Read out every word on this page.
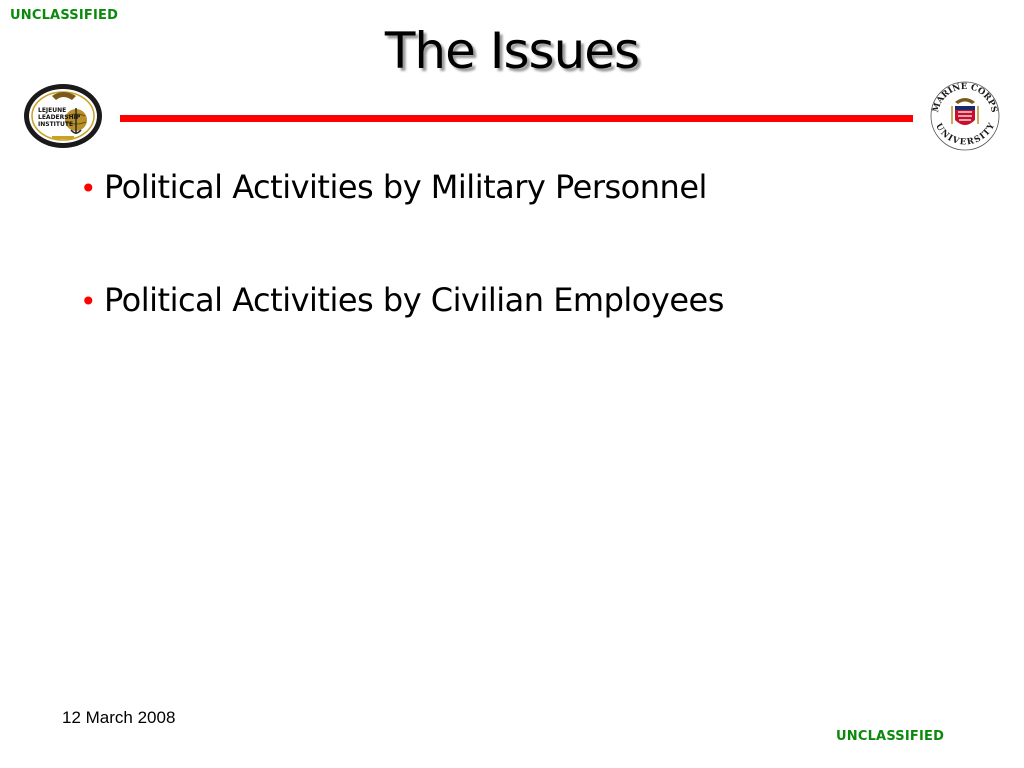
UNCLASSIFIED
The Issues
LEJEUNE
LEADERSHIP
INSTITUTE
MARINE CORPS
UNIVERSITY
• Political Activities by Military Personnel
• Political Activities by Civilian Employees
12 March 2008
UNCLASSIFIED
